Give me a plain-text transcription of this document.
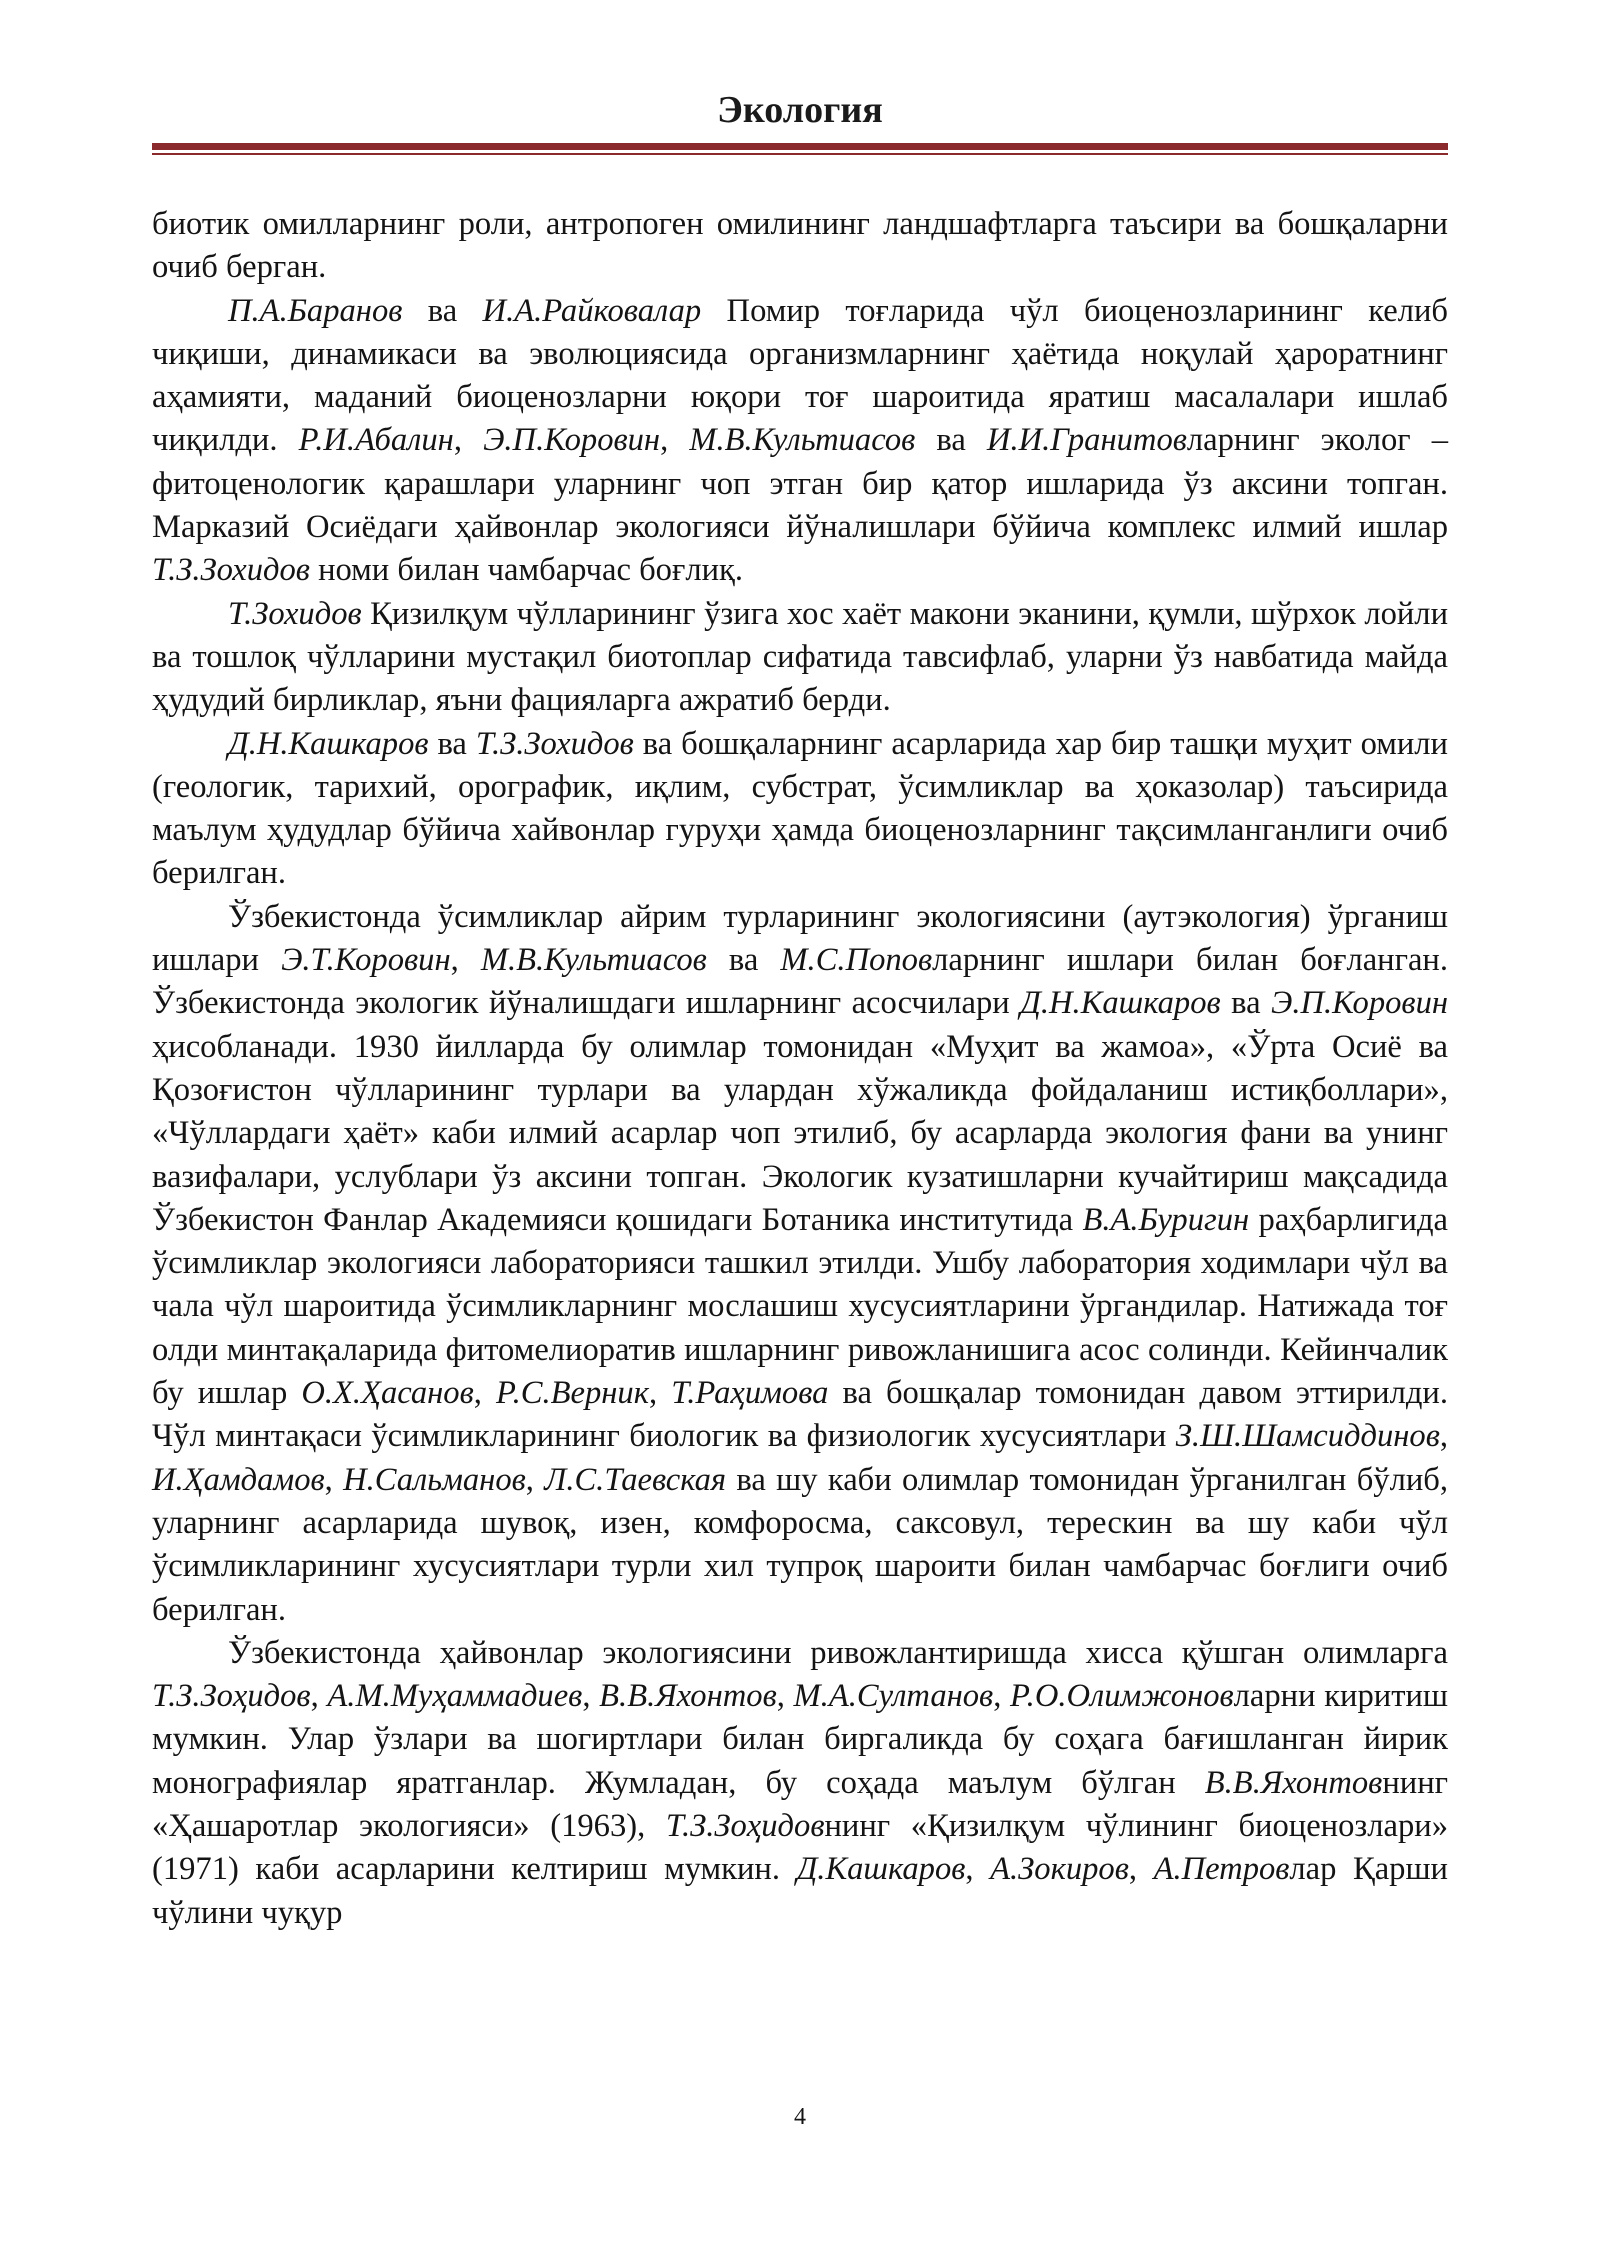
Экология

биотик омилларнинг роли, антропоген омилининг ландшафтларга таъсири ва бошқаларни очиб берган.

П.А.Баранов ва И.А.Райковалар Помир тоғларида чўл биоценозларининг келиб чиқиши, динамикаси ва эволюциясида организмларнинг ҳаётида ноқулай ҳароратнинг аҳамияти, маданий биоценозларни юқори тоғ шароитида яратиш масалалари ишлаб чиқилди. Р.И.Абалин, Э.П.Коровин, М.В.Культиасов ва И.И.Гранитовларнинг эколог – фитоценологик қарашлари уларнинг чоп этган бир қатор ишларида ўз аксини топган. Марказий Осиёдаги ҳайвонлар экологияси йўналишлари бўйича комплекс илмий ишлар Т.З.Зохидов номи билан чамбарчас боғлиқ.

Т.Зохидов Қизилқум чўлларининг ўзига хос хаёт макони эканини, қумли, шўрхок лойли ва тошлоқ чўлларини мустақил биотоплар сифатида тавсифлаб, уларни ўз навбатида майда ҳудудий бирликлар, яъни фацияларга ажратиб берди.

Д.Н.Кашкаров ва Т.З.Зохидов ва бошқаларнинг асарларида хар бир ташқи муҳит омили (геологик, тарихий, орографик, иқлим, субстрат, ўсимликлар ва ҳоказолар) таъсирида маълум ҳудудлар бўйича хайвонлар гуруҳи ҳамда биоценозларнинг тақсимланганлиги очиб берилган.

Ўзбекистонда ўсимликлар айрим турларининг экологиясини (аутэкология) ўрганиш ишлари Э.Т.Коровин, М.В.Культиасов ва М.С.Поповларнинг ишлари билан боғланган. Ўзбекистонда экологик йўналишдаги ишларнинг асосчилари Д.Н.Кашкаров ва Э.П.Коровин ҳисобланади. 1930 йилларда бу олимлар томонидан «Муҳит ва жамоа», «Ўрта Осиё ва Қозоғистон чўлларининг турлари ва улардан хўжаликда фойдаланиш истиқболлари», «Чўллардаги ҳаёт» каби илмий асарлар чоп этилиб, бу асарларда экология фани ва унинг вазифалари, услублари ўз аксини топган. Экологик кузатишларни кучайтириш мақсадида Ўзбекистон Фанлар Академияси қошидаги Ботаника институтида В.А.Буригин раҳбарлигида ўсимликлар экологияси лабораторияси ташкил этилди. Ушбу лаборатория ходимлари чўл ва чала чўл шароитида ўсимликларнинг мослашиш хусусиятларини ўргандилар. Натижада тоғ олди минтақаларида фитомелиоратив ишларнинг ривожланишига асос солинди. Кейинчалик бу ишлар О.Х.Ҳасанов, Р.С.Верник, Т.Раҳимова ва бошқалар томонидан давом эттирилди. Чўл минтақаси ўсимликларининг биологик ва физиологик хусусиятлари З.Ш.Шамсиддинов, И.Ҳамдамов, Н.Сальманов, Л.С.Таевская ва шу каби олимлар томонидан ўрганилган бўлиб, уларнинг асарларида шувоқ, изен, комфоросма, саксовул, терескин ва шу каби чўл ўсимликларининг хусусиятлари турли хил тупроқ шароити билан чамбарчас боғлиги очиб берилган.

Ўзбекистонда ҳайвонлар экологиясини ривожлантиришда хисса қўшган олимларга Т.З.Зоҳидов, А.М.Муҳаммадиев, В.В.Яхонтов, М.А.Султанов, Р.О.Олимжоновларни киритиш мумкин. Улар ўзлари ва шогиртлари билан биргаликда бу соҳага бағишланган йирик монографиялар яратганлар. Жумладан, бу соҳада маълум бўлган В.В.Яхонтовнинг «Ҳашаротлар экологияси» (1963), Т.З.Зоҳидовнинг «Қизилқум чўлининг биоценозлари» (1971) каби асарларини келтириш мумкин. Д.Кашкаров, А.Зокиров, А.Петровлар Қарши чўлини чуқур

4
